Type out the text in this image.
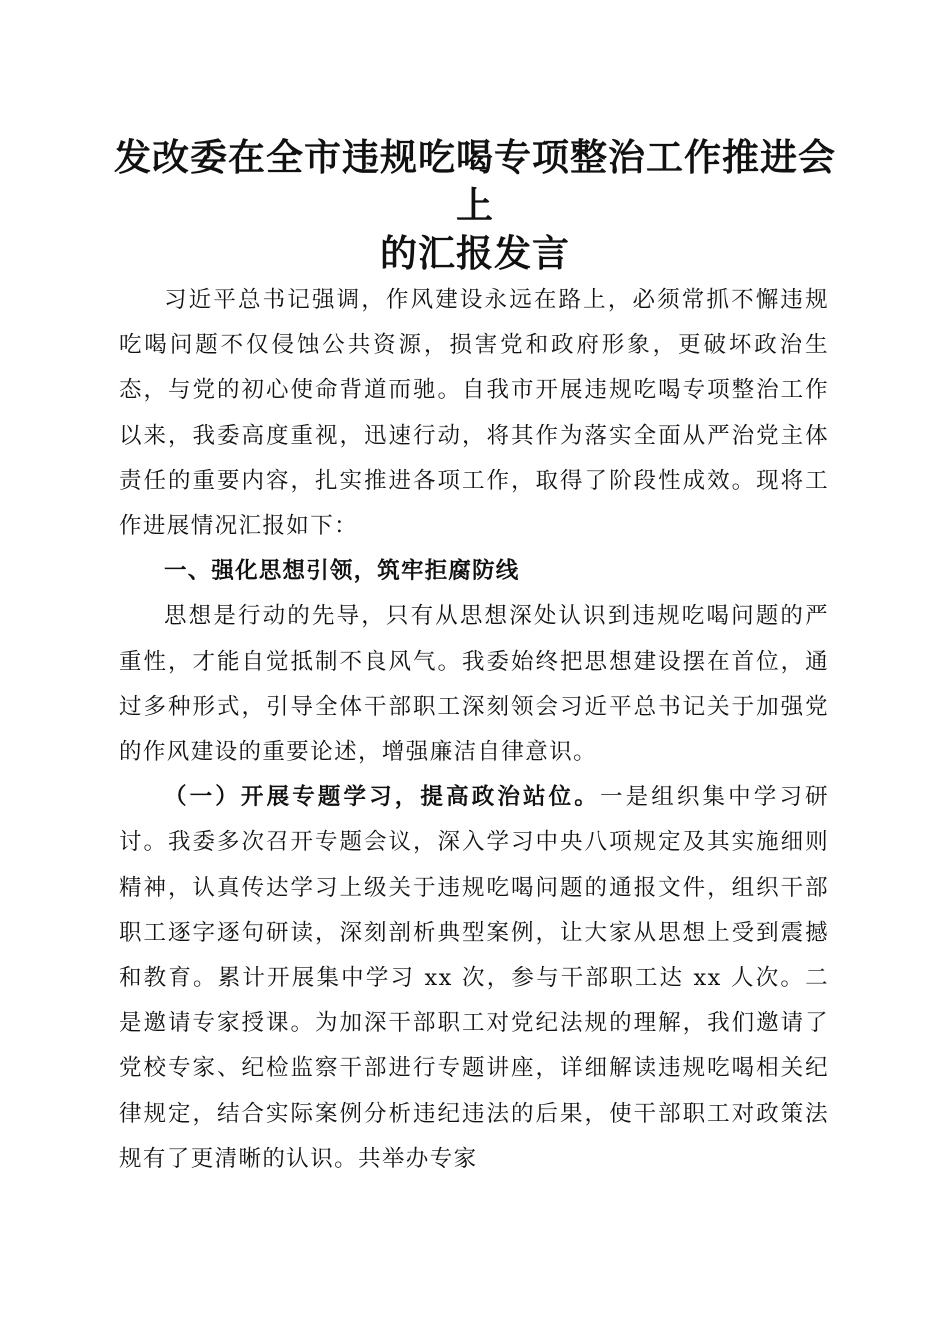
发改委在全市违规吃喝专项整治工作推进会上
的汇报发言

习近平总书记强调，作风建设永远在路上，必须常抓不懈违规吃喝问题不仅侵蚀公共资源，损害党和政府形象，更破坏政治生态，与党的初心使命背道而驰。自我市开展违规吃喝专项整治工作以来，我委高度重视，迅速行动，将其作为落实全面从严治党主体责任的重要内容，扎实推进各项工作，取得了阶段性成效。现将工作进展情况汇报如下：

一、强化思想引领，筑牢拒腐防线

思想是行动的先导，只有从思想深处认识到违规吃喝问题的严重性，才能自觉抵制不良风气。我委始终把思想建设摆在首位，通过多种形式，引导全体干部职工深刻领会习近平总书记关于加强党的作风建设的重要论述，增强廉洁自律意识。

（一）开展专题学习，提高政治站位。一是组织集中学习研讨。我委多次召开专题会议，深入学习中央八项规定及其实施细则精神，认真传达学习上级关于违规吃喝问题的通报文件，组织干部职工逐字逐句研读，深刻剖析典型案例，让大家从思想上受到震撼和教育。累计开展集中学习 xx 次，参与干部职工达 xx 人次。二是邀请专家授课。为加深干部职工对党纪法规的理解，我们邀请了党校专家、纪检监察干部进行专题讲座，详细解读违规吃喝相关纪律规定，结合实际案例分析违纪违法的后果，使干部职工对政策法规有了更清晰的认识。共举办专家
